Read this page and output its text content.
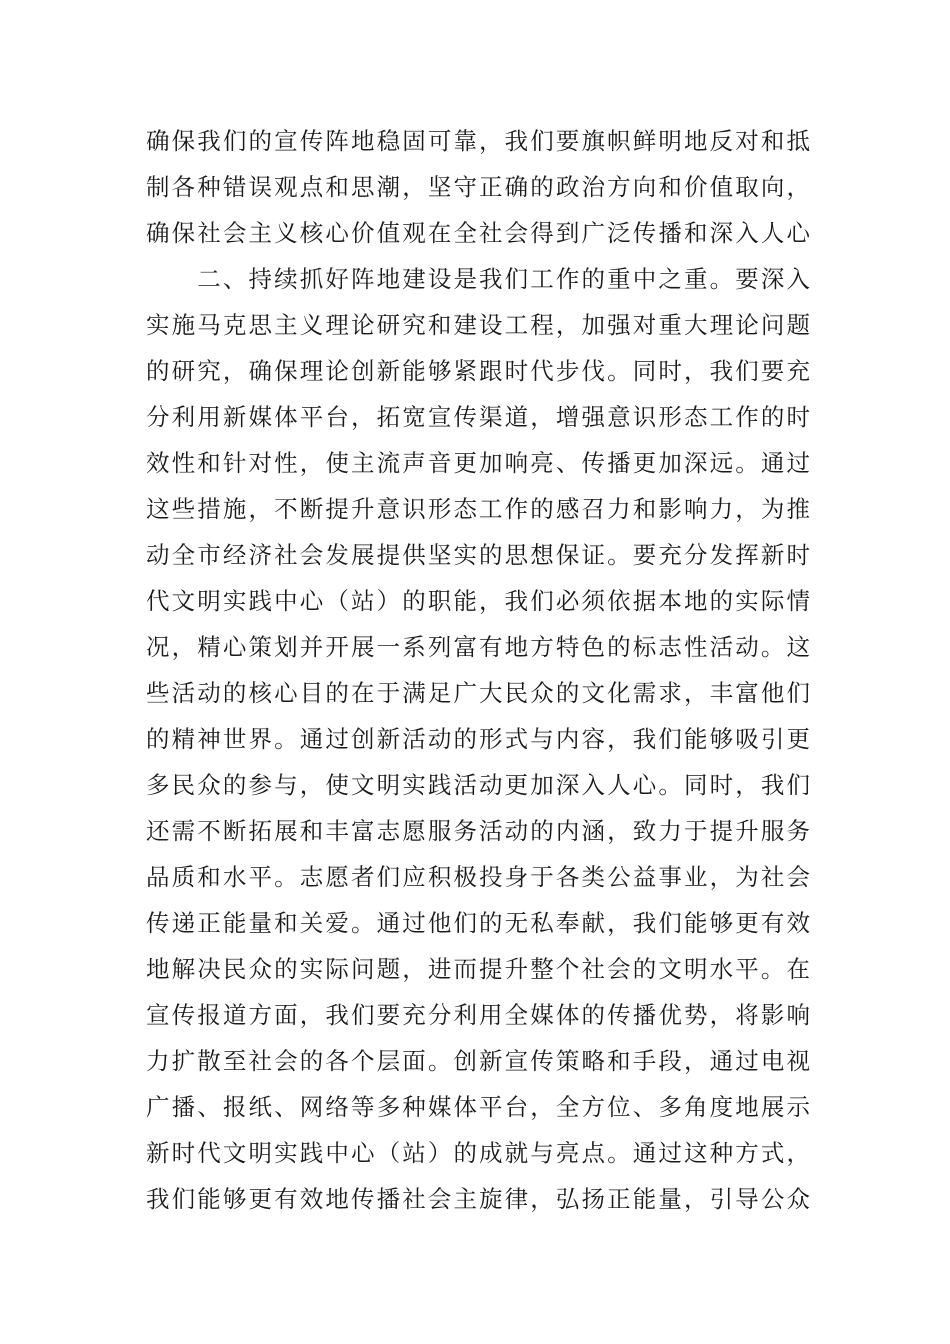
确保我们的宣传阵地稳固可靠，我们要旗帜鲜明地反对和抵
制各种错误观点和思潮，坚守正确的政治方向和价值取向，
确保社会主义核心价值观在全社会得到广泛传播和深入人心
　　二、持续抓好阵地建设是我们工作的重中之重。要深入
实施马克思主义理论研究和建设工程，加强对重大理论问题
的研究，确保理论创新能够紧跟时代步伐。同时，我们要充
分利用新媒体平台，拓宽宣传渠道，增强意识形态工作的时
效性和针对性，使主流声音更加响亮、传播更加深远。通过
这些措施，不断提升意识形态工作的感召力和影响力，为推
动全市经济社会发展提供坚实的思想保证。要充分发挥新时
代文明实践中心（站）的职能，我们必须依据本地的实际情
况，精心策划并开展一系列富有地方特色的标志性活动。这
些活动的核心目的在于满足广大民众的文化需求，丰富他们
的精神世界。通过创新活动的形式与内容，我们能够吸引更
多民众的参与，使文明实践活动更加深入人心。同时，我们
还需不断拓展和丰富志愿服务活动的内涵，致力于提升服务
品质和水平。志愿者们应积极投身于各类公益事业，为社会
传递正能量和关爱。通过他们的无私奉献，我们能够更有效
地解决民众的实际问题，进而提升整个社会的文明水平。在
宣传报道方面，我们要充分利用全媒体的传播优势，将影响
力扩散至社会的各个层面。创新宣传策略和手段，通过电视
广播、报纸、网络等多种媒体平台，全方位、多角度地展示
新时代文明实践中心（站）的成就与亮点。通过这种方式，
我们能够更有效地传播社会主旋律，弘扬正能量，引导公众
